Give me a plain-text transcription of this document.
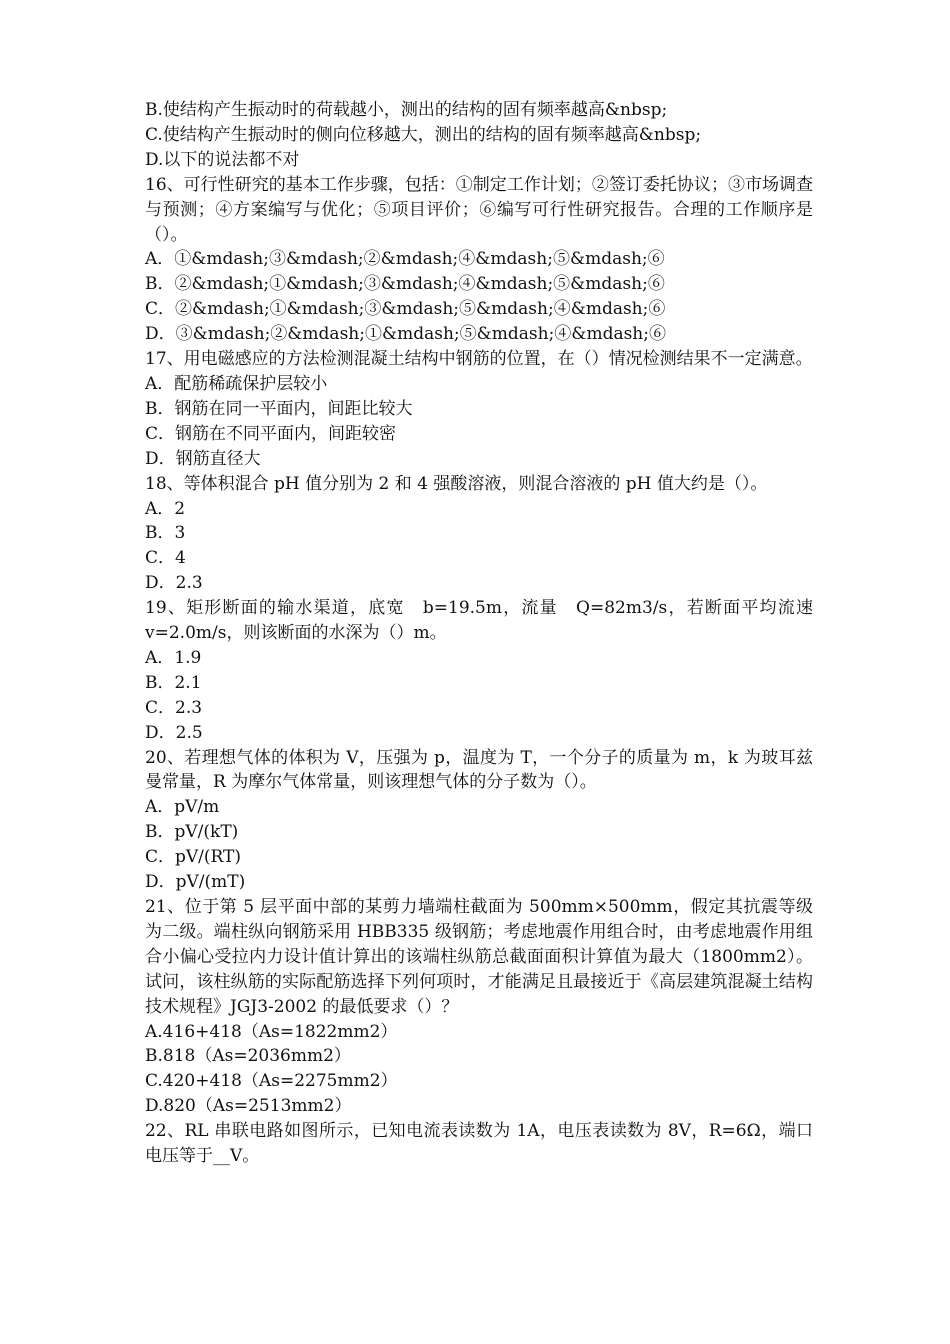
B.使结构产生振动时的荷载越小，测出的结构的固有频率越高&nbsp;
C.使结构产生振动时的侧向位移越大，测出的结构的固有频率越高&nbsp;
D.以下的说法都不对
16、可行性研究的基本工作步骤，包括：①制定工作计划；②签订委托协议；③市场调查与预测；④方案编写与优化；⑤项目评价；⑥编写可行性研究报告。合理的工作顺序是（）。
A．①&mdash;③&mdash;②&mdash;④&mdash;⑤&mdash;⑥
B．②&mdash;①&mdash;③&mdash;④&mdash;⑤&mdash;⑥
C．②&mdash;①&mdash;③&mdash;⑤&mdash;④&mdash;⑥
D．③&mdash;②&mdash;①&mdash;⑤&mdash;④&mdash;⑥
17、用电磁感应的方法检测混凝土结构中钢筋的位置，在（）情况检测结果不一定满意。
A．配筋稀疏保护层较小
B．钢筋在同一平面内，间距比较大
C．钢筋在不同平面内，间距较密
D．钢筋直径大
18、等体积混合 pH 值分别为 2 和 4 强酸溶液，则混合溶液的 pH 值大约是（）。
A．2
B．3
C．4
D．2.3
19、矩形断面的输水渠道，底宽　b=19.5m，流量　Q=82m3/s，若断面平均流速 v=2.0m/s，则该断面的水深为（）m。
A．1.9
B．2.1
C．2.3
D．2.5
20、若理想气体的体积为 V，压强为 p，温度为 T，一个分子的质量为 m，k 为玻耳兹曼常量，R 为摩尔气体常量，则该理想气体的分子数为（）。
A．pV/m
B．pV/(kT)
C．pV/(RT)
D．pV/(mT)
21、位于第 5 层平面中部的某剪力墙端柱截面为 500mm×500mm，假定其抗震等级为二级。端柱纵向钢筋采用 HBB335 级钢筋；考虑地震作用组合时，由考虑地震作用组合小偏心受拉内力设计值计算出的该端柱纵筋总截面面积计算值为最大（1800mm2）。试问，该柱纵筋的实际配筋选择下列何项时，才能满足且最接近于《高层建筑混凝土结构技术规程》JGJ3-2002 的最低要求（）？
A.416+418（As=1822mm2）
B.818（As=2036mm2）
C.420+418（As=2275mm2）
D.820（As=2513mm2）
22、RL 串联电路如图所示，已知电流表读数为 1A，电压表读数为 8V，R=6Ω，端口电压等于__V。
